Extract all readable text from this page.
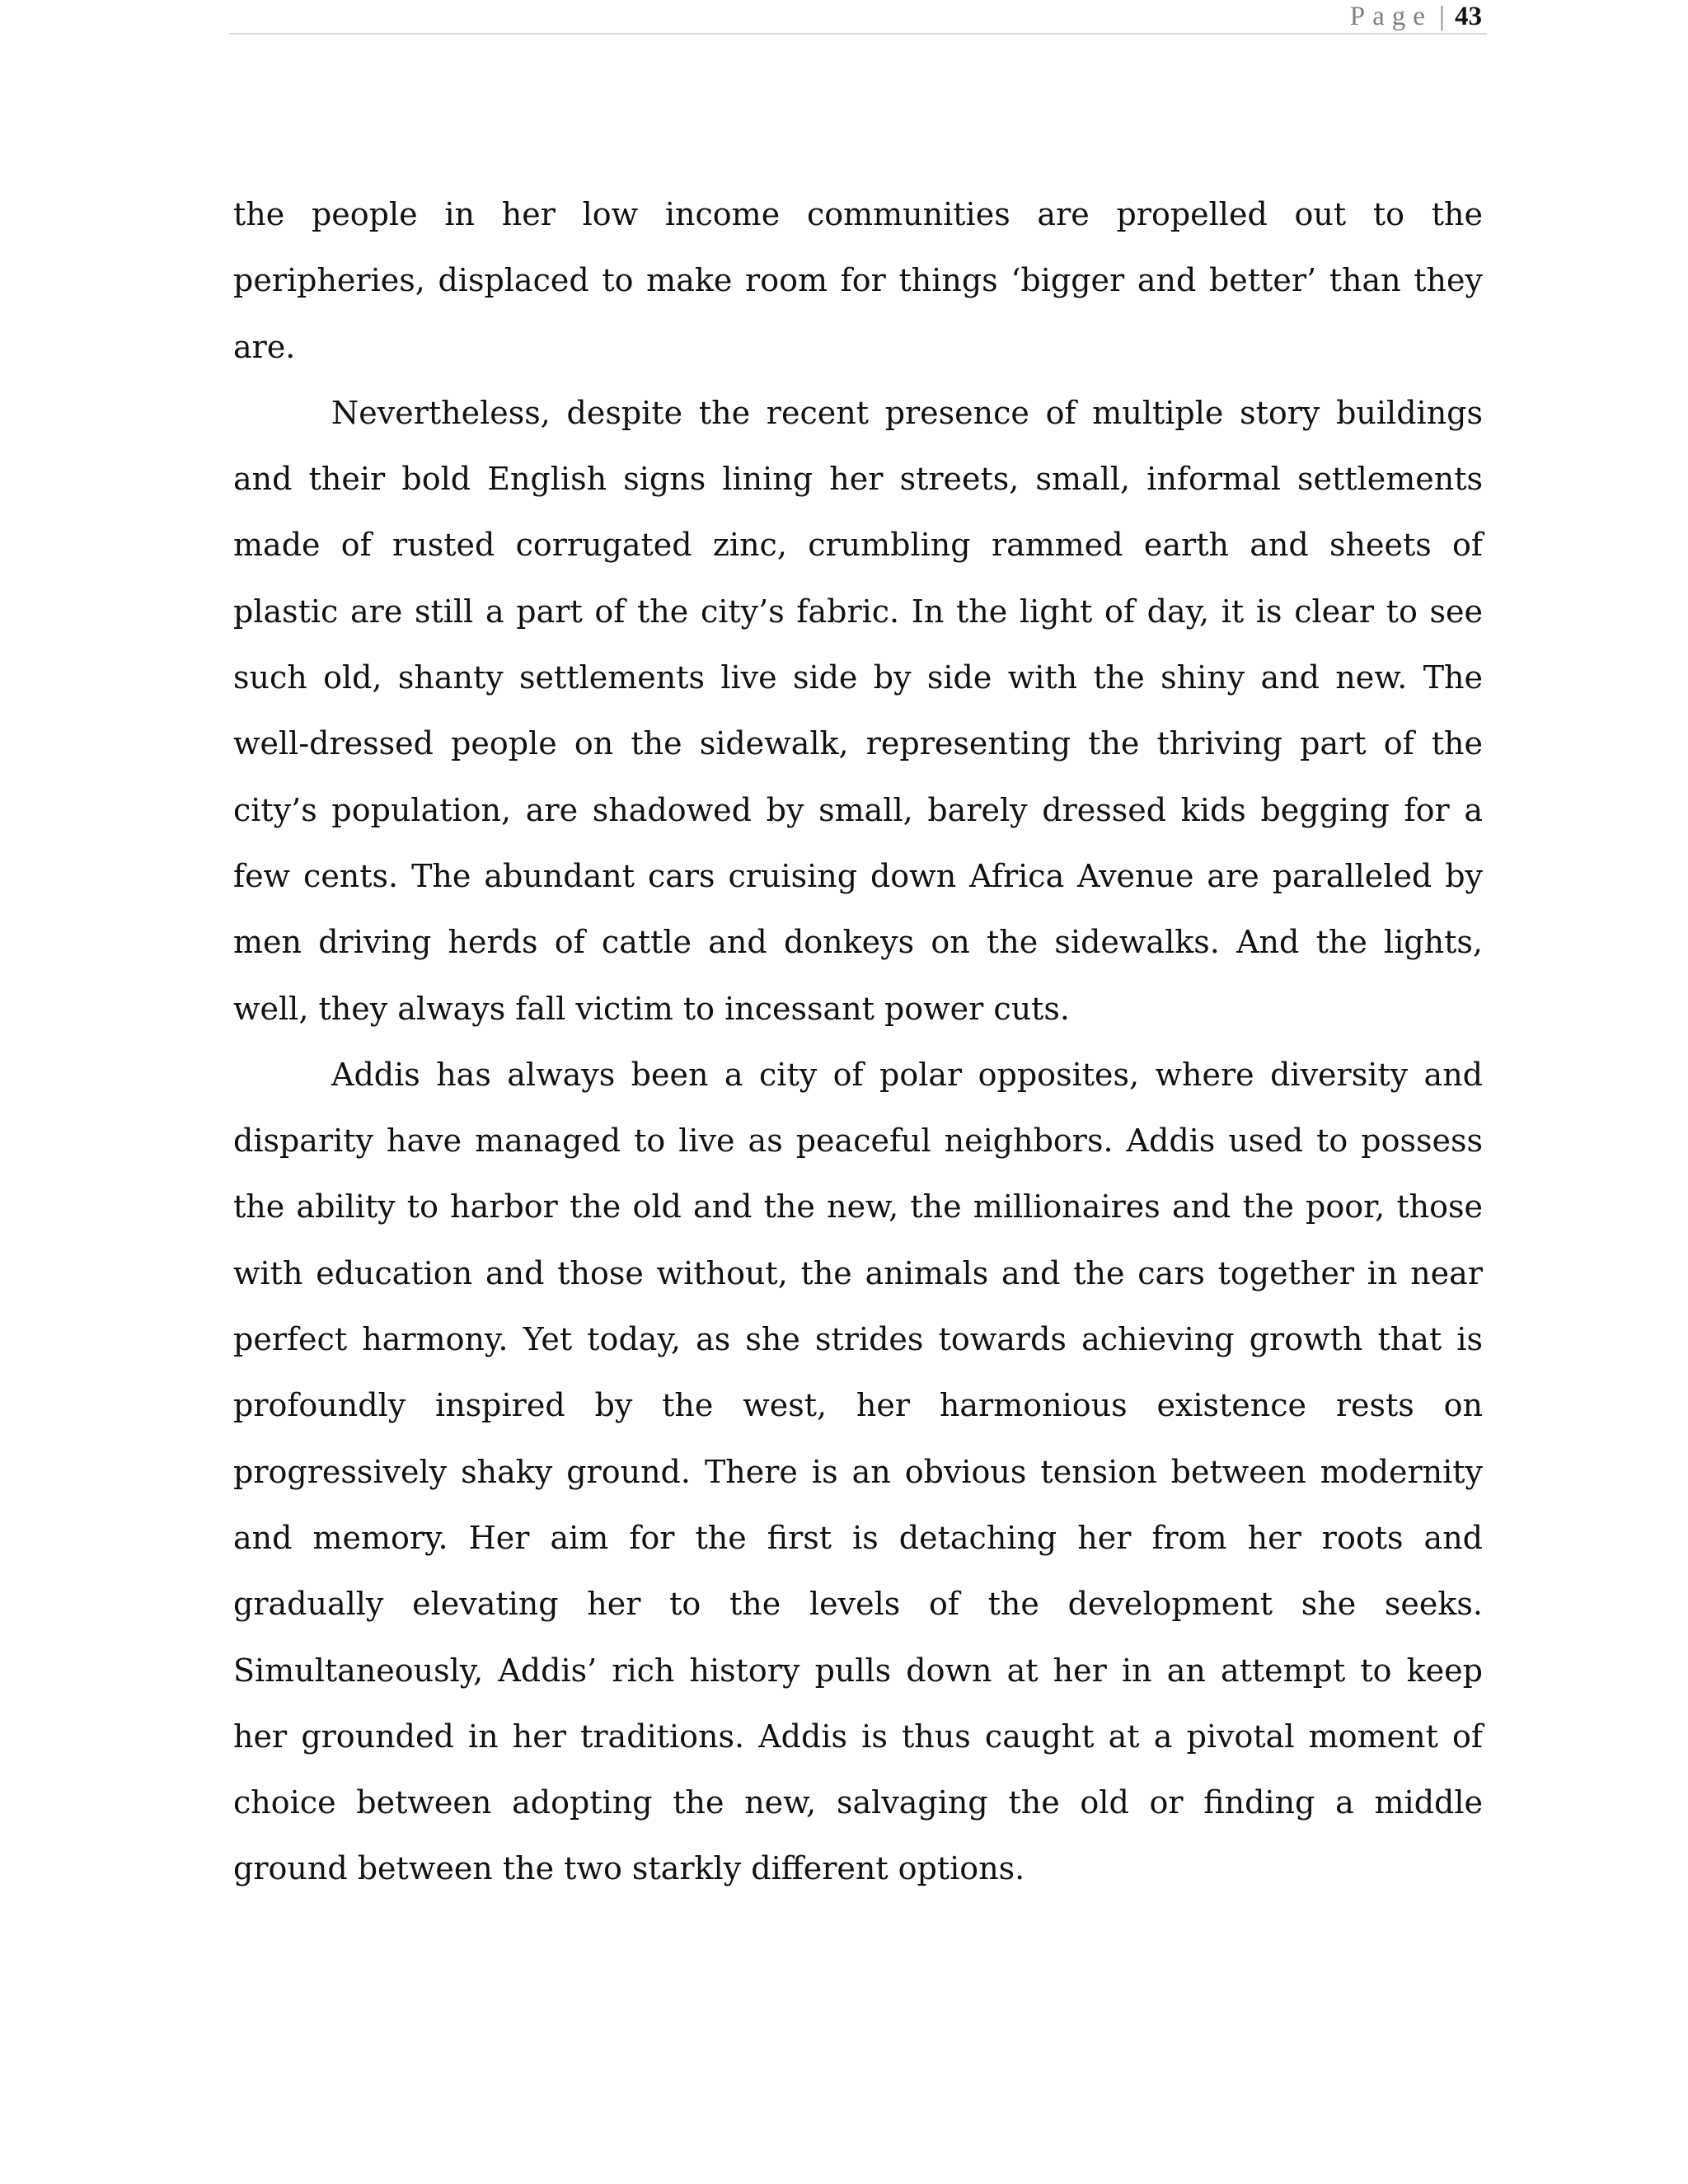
Page | 43

the people in her low income communities are propelled out to the peripheries, displaced to make room for things ‘bigger and better’ than they are.

Nevertheless, despite the recent presence of multiple story buildings and their bold English signs lining her streets, small, informal settlements made of rusted corrugated zinc, crumbling rammed earth and sheets of plastic are still a part of the city’s fabric. In the light of day, it is clear to see such old, shanty settlements live side by side with the shiny and new. The well-dressed people on the sidewalk, representing the thriving part of the city’s population, are shadowed by small, barely dressed kids begging for a few cents. The abundant cars cruising down Africa Avenue are paralleled by men driving herds of cattle and donkeys on the sidewalks. And the lights, well, they always fall victim to incessant power cuts.

Addis has always been a city of polar opposites, where diversity and disparity have managed to live as peaceful neighbors. Addis used to possess the ability to harbor the old and the new, the millionaires and the poor, those with education and those without, the animals and the cars together in near perfect harmony. Yet today, as she strides towards achieving growth that is profoundly inspired by the west, her harmonious existence rests on progressively shaky ground. There is an obvious tension between modernity and memory. Her aim for the first is detaching her from her roots and gradually elevating her to the levels of the development she seeks. Simultaneously, Addis’ rich history pulls down at her in an attempt to keep her grounded in her traditions. Addis is thus caught at a pivotal moment of choice between adopting the new, salvaging the old or finding a middle ground between the two starkly different options.
